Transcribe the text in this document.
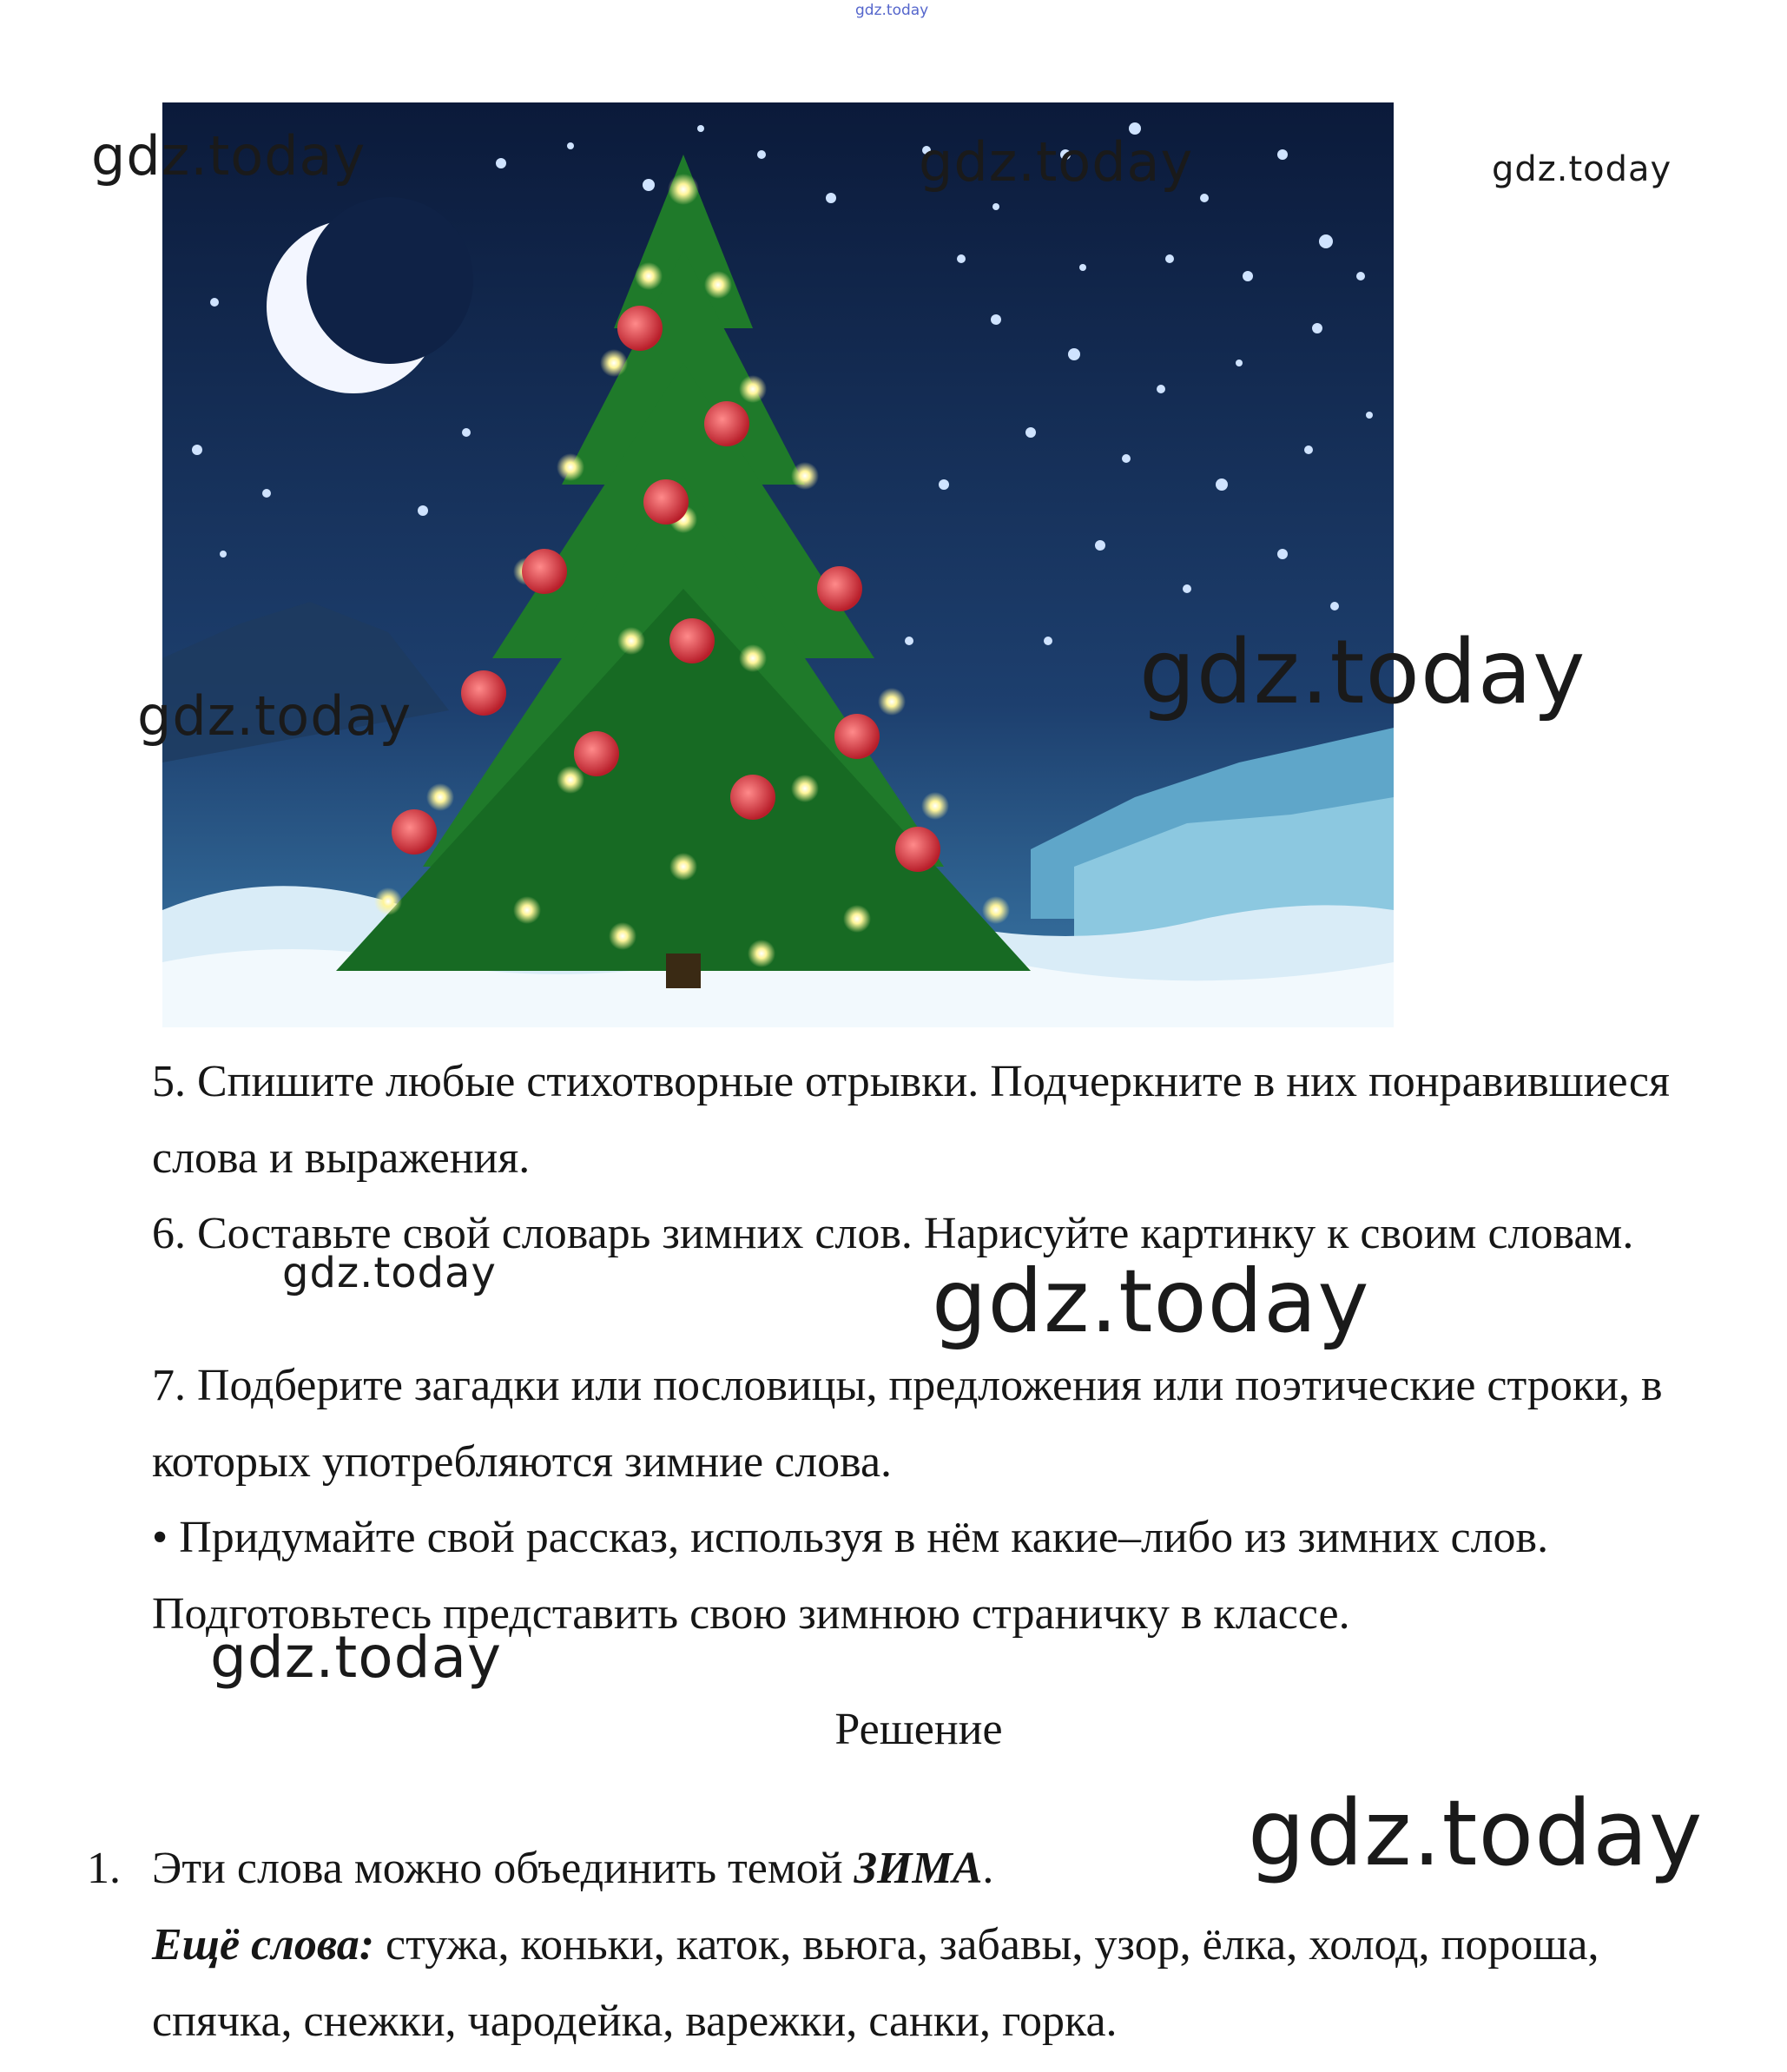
gdz.today
gdz.today	gdz.today	gdz.today
gdz.today
gdz.today
gdz.today	gdz.today
gdz.today
gdz.today

5. Спишите любые стихотворные отрывки. Подчеркните в них понравившиеся слова и выражения.

6. Составьте свой словарь зимних слов. Нарисуйте картинку к своим словам.

7. Подберите загадки или пословицы, предложения или поэтические строки, в которых употребляются зимние слова.

• Придумайте свой рассказ, используя в нём какие–либо из зимних слов. Подготовьтесь представить свою зимнюю страничку в классе.

Решение
1. Эти слова можно объединить темой ЗИМА.
Ещё слова: стужа, коньки, каток, вьюга, забавы, узор, ёлка, холод, пороша, спячка, снежки, чародейка, варежки, санки, горка.
